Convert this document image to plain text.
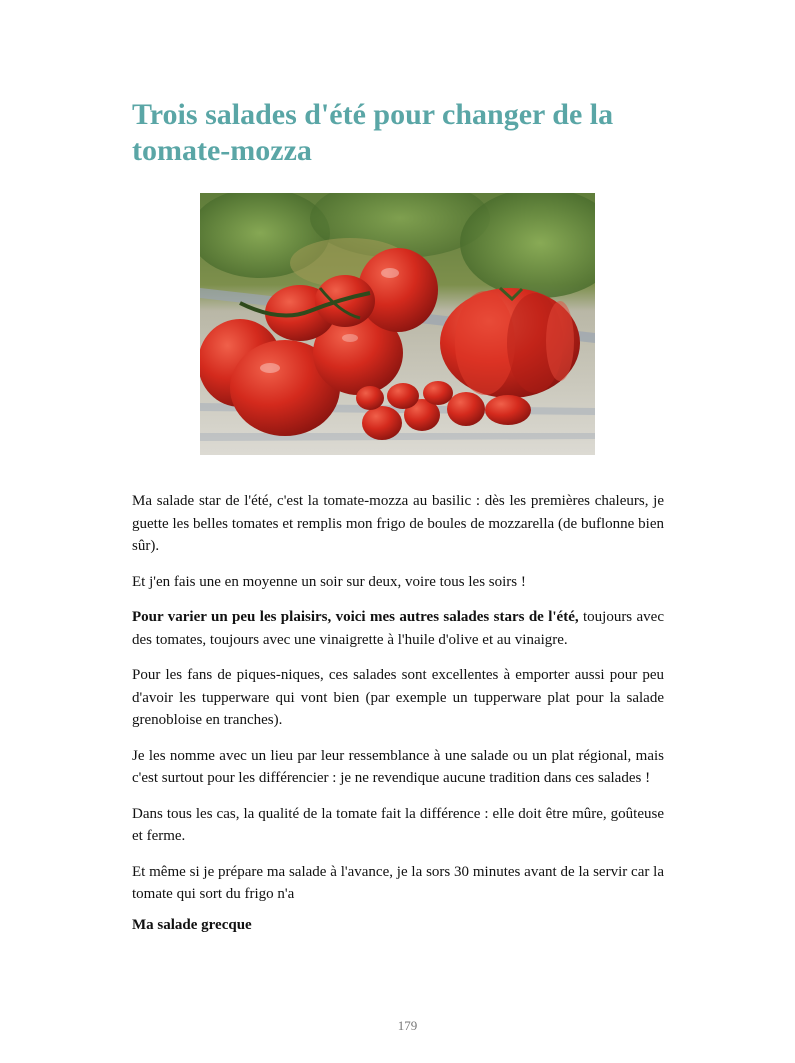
Trois salades d'été pour changer de la tomate-mozza

Ma salade star de l'été, c'est la tomate-mozza au basilic : dès les premières chaleurs, je guette les belles tomates et remplis mon frigo de boules de mozzarella (de buflonne bien sûr).

Et j'en fais une en moyenne un soir sur deux, voire tous les soirs !

Pour varier un peu les plaisirs, voici mes autres salades stars de l'été, toujours avec des tomates, toujours avec une vinaigrette à l'huile d'olive et au vinaigre.

Pour les fans de piques-niques, ces salades sont excellentes à emporter aussi pour peu d'avoir les tupperware qui vont bien (par exemple un tupperware plat pour la salade grenobloise en tranches).

Je les nomme avec un lieu par leur ressemblance à une salade ou un plat régional, mais c'est surtout pour les différencier : je ne revendique aucune tradition dans ces salades !

Dans tous les cas, la qualité de la tomate fait la différence : elle doit être mûre, goûteuse et ferme.

Et même si je prépare ma salade à l'avance, je la sors 30 minutes avant de la servir car la tomate qui sort du frigo n'a

Ma salade grecque

179
